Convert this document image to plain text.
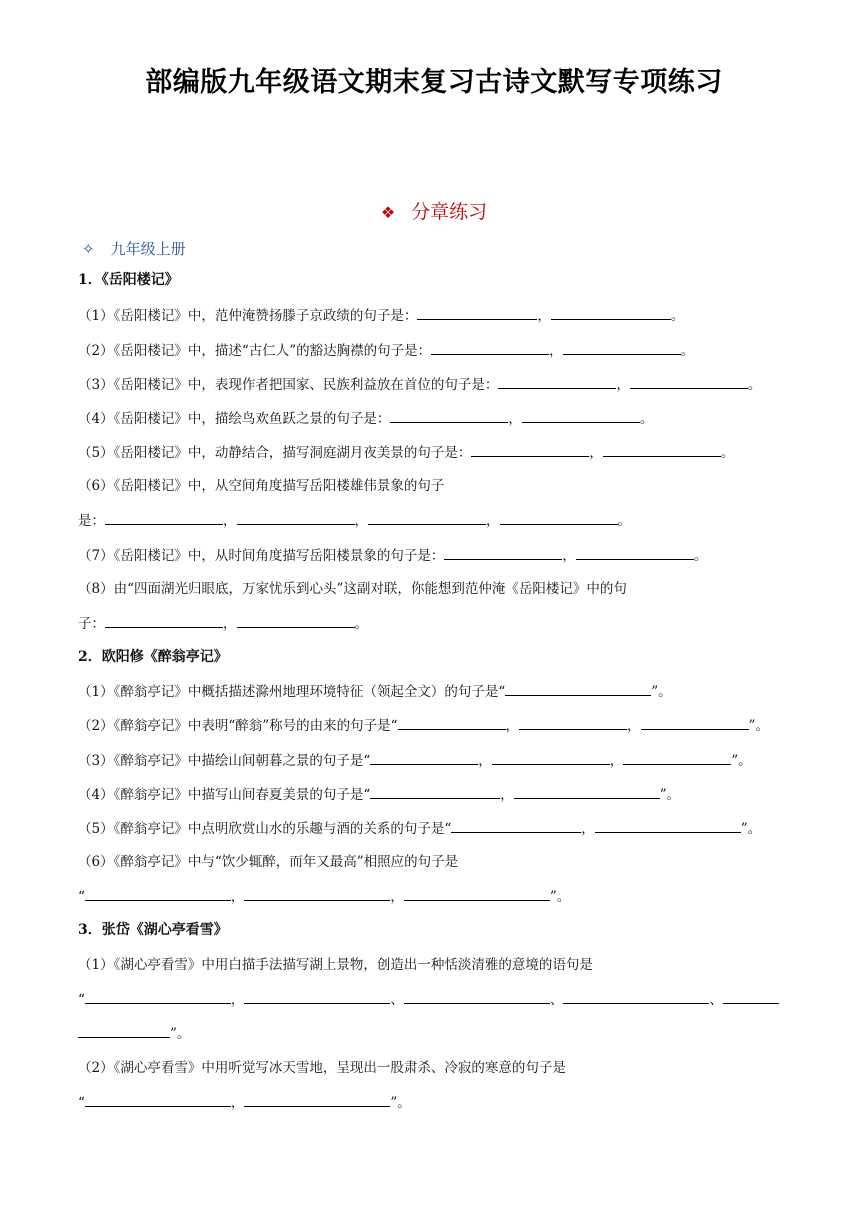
部编版九年级语文期末复习古诗文默写专项练习
❖ 分章练习
✧ 九年级上册
1．《岳阳楼记》
（1）《岳阳楼记》中，范仲淹赞扬滕子京政绩的句子是：	，	。
（2）《岳阳楼记》中，描述“古仁人”的豁达胸襟的句子是：	，	。
（3）《岳阳楼记》中，表现作者把国家、民族利益放在首位的句子是：	，	。
（4）《岳阳楼记》中，描绘鸟欢鱼跃之景的句子是：	，	。
（5）《岳阳楼记》中，动静结合，描写洞庭湖月夜美景的句子是：	，	。
（6）《岳阳楼记》中，从空间角度描写岳阳楼雄伟景象的句子
是：	，	，	，	。
（7）《岳阳楼记》中，从时间角度描写岳阳楼景象的句子是：	，	。
（8）由“四面湖光归眼底，万家忧乐到心头”这副对联，你能想到范仲淹《岳阳楼记》中的句
子：	，	。
2．欧阳修《醉翁亭记》
（1）《醉翁亭记》中概括描述滁州地理环境特征（领起全文）的句子是“	”。
（2）《醉翁亭记》中表明“醉翁”称号的由来的句子是“	，	，	”。
（3）《醉翁亭记》中描绘山间朝暮之景的句子是“	，	，	”。
（4）《醉翁亭记》中描写山间春夏美景的句子是“	，	”。
（5）《醉翁亭记》中点明欣赏山水的乐趣与酒的关系的句子是“	，	”。
（6）《醉翁亭记》中与“饮少辄醉，而年又最高”相照应的句子是
“	，	，	”。
3．张岱《湖心亭看雪》
（1）《湖心亭看雪》中用白描手法描写湖上景物，创造出一种恬淡清雅的意境的语句是
“	，	、	、	、
”。
（2）《湖心亭看雪》中用听觉写冰天雪地，呈现出一股肃杀、冷寂的寒意的句子是
“	，	”。
